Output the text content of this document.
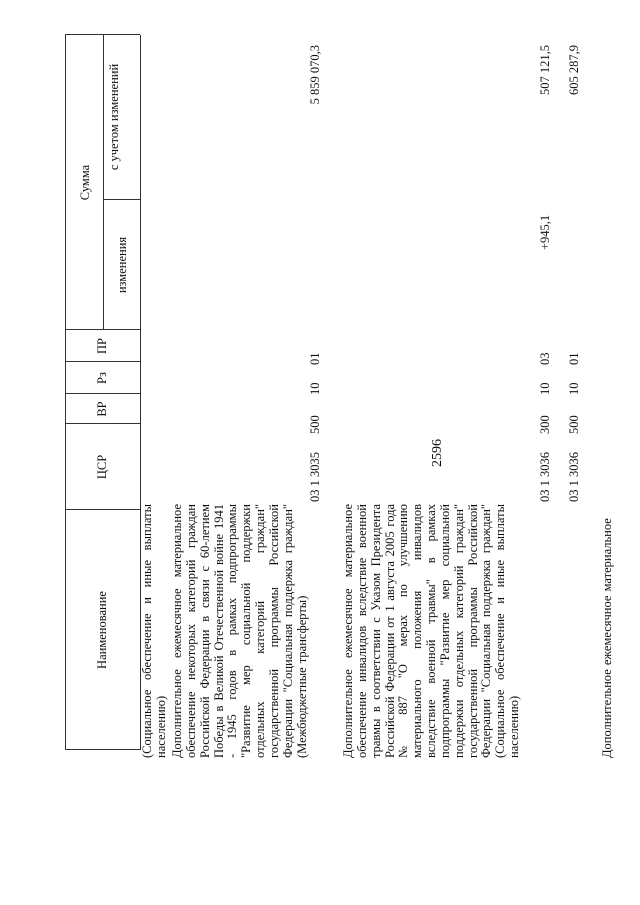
2596
Наименование
ЦСР
ВР
Рз
ПР
Сумма
изменения
с учетом изменений
(Социальное обеспечение и иные выплаты населению) Дополнительное ежемесячное материальное обеспечение некоторых категорий граждан Российской Федерации в связи с 60-летием Победы в Великой Отечественной войне 1941 - 1945 годов в рамках подпрограммы "Развитие мер социальной поддержки отдельных категорий граждан" государственной программы Российской Федерации "Социальная поддержка граждан" (Межбюджетные трансферты)
03 1 3035
500
10
01
5 859 070,3
Дополнительное ежемесячное материальное обеспечение инвалидов вследствие военной травмы в соответствии с Указом Президента Российской Федерации от 1 августа 2005 года № 887 "О мерах по улучшению материального положения инвалидов вследствие военной травмы" в рамках подпрограммы "Развитие мер социальной поддержки отдельных категорий граждан" государственной программы Российской Федерации "Социальная поддержка граждан" (Социальное обеспечение и иные выплаты населению)
03 1 3036
300
10
03
+945,1
507 121,5
03 1 3036
500
10
01
605 287,9
Дополнительное ежемесячное материальное
